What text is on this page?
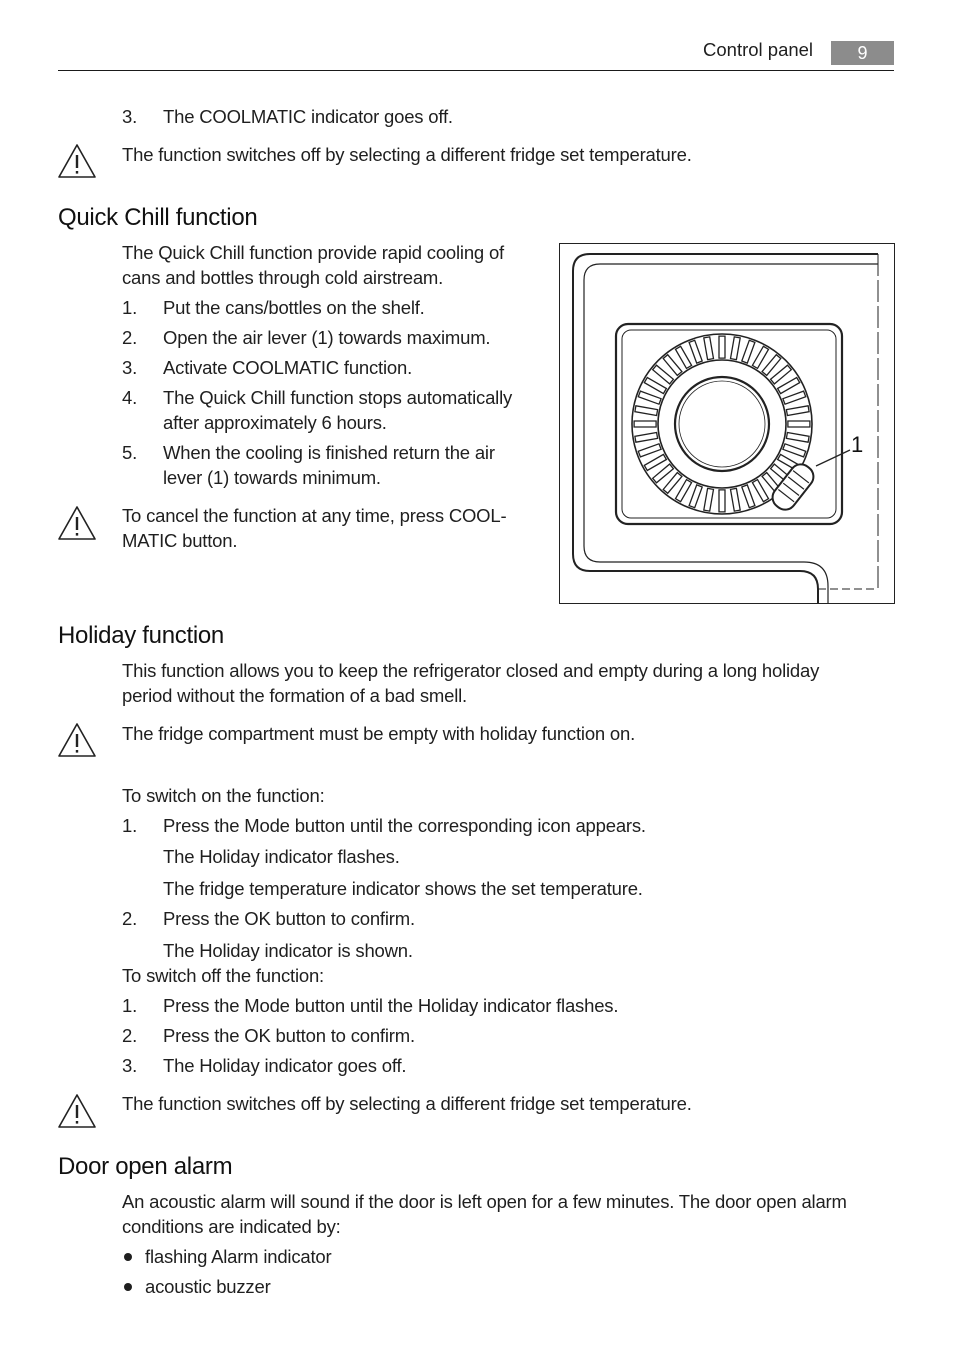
Control panel	9
3.	The COOLMATIC indicator goes off.
The function switches off by selecting a different fridge set temperature.
Quick Chill function
The Quick Chill function provide rapid cooling of
cans and bottles through cold airstream.
1.	Put the cans/bottles on the shelf.
2.	Open the air lever (1) towards maximum.
3.	Activate COOLMATIC function.
4.	The Quick Chill function stops automatically
after approximately 6 hours.
5.	When the cooling is finished return the air
lever (1) towards minimum.
To cancel the function at any time, press COOL-
MATIC button.
1
Holiday function
This function allows you to keep the refrigerator closed and empty during a long holiday
period without the formation of a bad smell.
The fridge compartment must be empty with holiday function on.
To switch on the function:
1.	Press the Mode button until the corresponding icon appears.
The Holiday indicator flashes.
The fridge temperature indicator shows the set temperature.
2.	Press the OK button to confirm.
The Holiday indicator is shown.
To switch off the function:
1.	Press the Mode button until the Holiday indicator flashes.
2.	Press the OK button to confirm.
3.	The Holiday indicator goes off.
The function switches off by selecting a different fridge set temperature.
Door open alarm
An acoustic alarm will sound if the door is left open for a few minutes. The door open alarm
conditions are indicated by:
flashing Alarm indicator
acoustic buzzer
